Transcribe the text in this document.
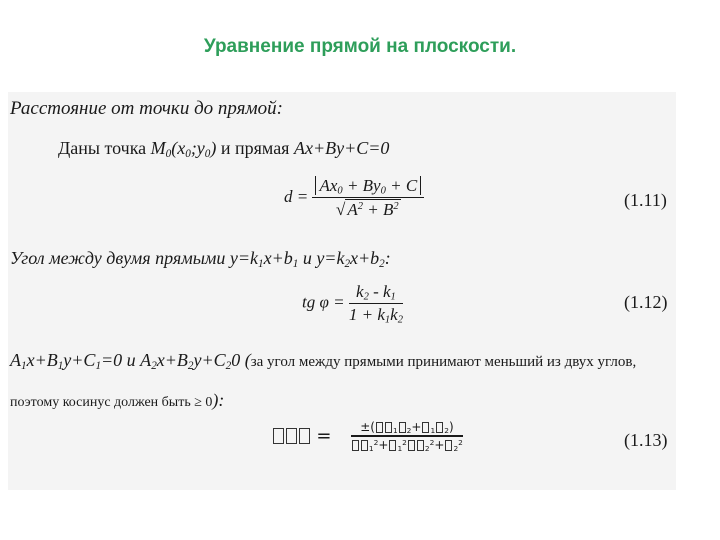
Уравнение прямой на плоскости.
Расстояние от точки до прямой:
Даны точка $M_0(x_0;y_0)$ и прямая Ax+By+C=0
$d = \frac{Ax_0 + By_0 + C}{√ A^2 + B^2}$	(1.11)
Угол между двумя прямыми $y=k_1x+b_1$ и $y=k_2x+b_2$:
tg $\varphi = \frac{k_2 - k_1}{1 + k_1k_2}$	(1.12)
$A_1x+B_1y+C_1=0$ и $A_2x+B_2y+C_20$ (за угол между прямыми принимают меньший из двух углов,
поэтому косинус должен быть ≥ 0):
= $\frac{\pm( _1 _2+ _1 _2)}{_1^2+ _1^2_2^2+ _2^2}$	(1.13)
